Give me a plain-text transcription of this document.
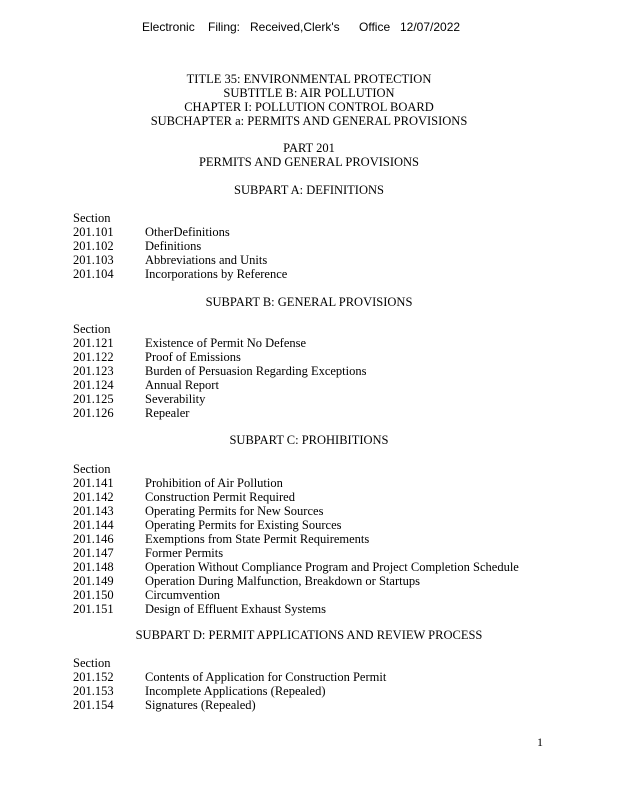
Electronic Filing: Received,Clerk's Office 12/07/2022
TITLE 35: ENVIRONMENTAL PROTECTION
SUBTITLE B: AIR POLLUTION
CHAPTER I: POLLUTION CONTROL BOARD
SUBCHAPTER a: PERMITS AND GENERAL PROVISIONS
PART 201
PERMITS AND GENERAL PROVISIONS
SUBPART A: DEFINITIONS
Section
201.101	OtherDefinitions
201.102	Definitions
201.103	Abbreviations and Units
201.104	Incorporations by Reference
SUBPART B: GENERAL PROVISIONS
Section
201.121	Existence of Permit No Defense
201.122	Proof of Emissions
201.123	Burden of Persuasion Regarding Exceptions
201.124	Annual Report
201.125	Severability
201.126	Repealer
SUBPART C: PROHIBITIONS
Section
201.141	Prohibition of Air Pollution
201.142	Construction Permit Required
201.143	Operating Permits for New Sources
201.144	Operating Permits for Existing Sources
201.146	Exemptions from State Permit Requirements
201.147	Former Permits
201.148	Operation Without Compliance Program and Project Completion Schedule
201.149	Operation During Malfunction, Breakdown or Startups
201.150	Circumvention
201.151	Design of Effluent Exhaust Systems
SUBPART D: PERMIT APPLICATIONS AND REVIEW PROCESS
Section
201.152	Contents of Application for Construction Permit
201.153	Incomplete Applications (Repealed)
201.154	Signatures (Repealed)
1
